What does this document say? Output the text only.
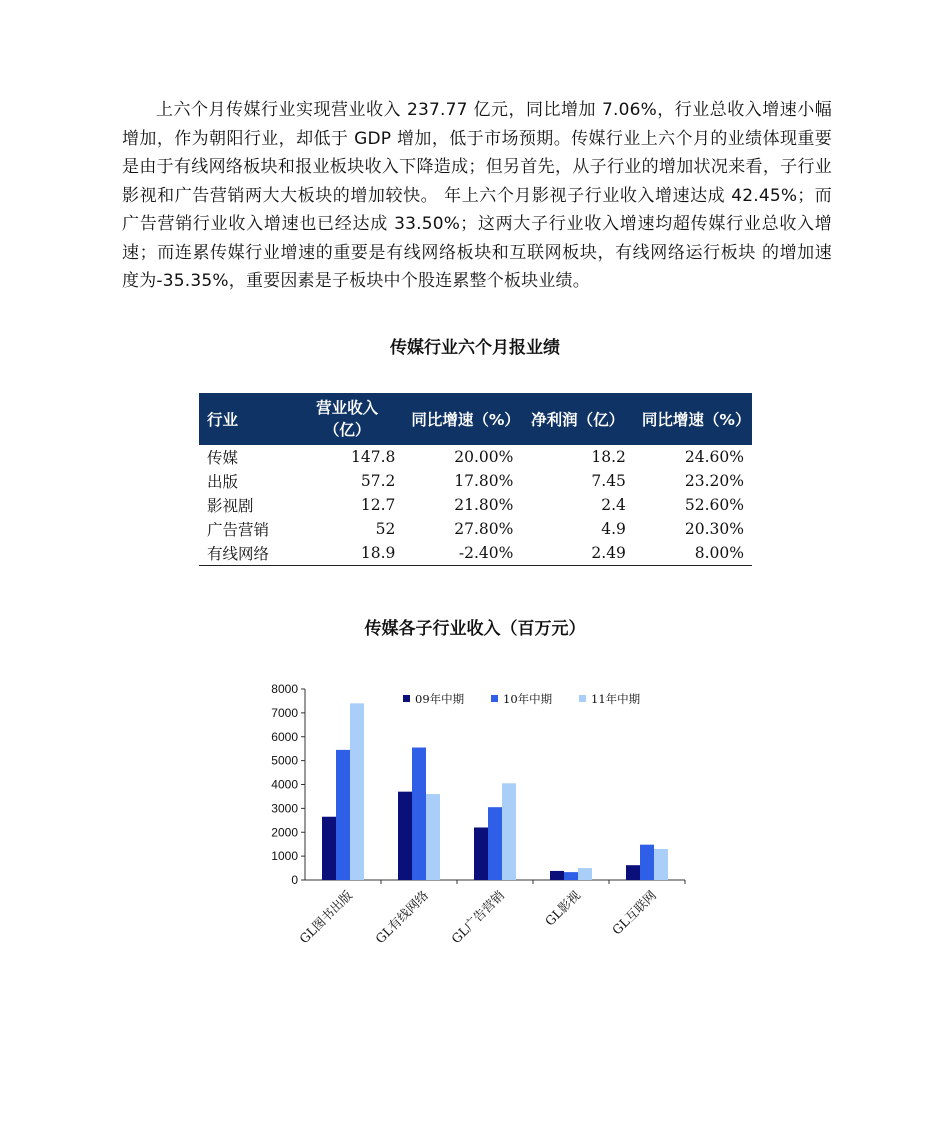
上六个月传媒行业实现营业收入 237.77 亿元，同比增加 7.06%，行业总收入增速小幅增加，作为朝阳行业，却低于 GDP 增加，低于市场预期。传媒行业上六个月的业绩体现重要是由于有线网络板块和报业板块收入下降造成；但另首先，从子行业的增加状况来看，子行业影视和广告营销两大大板块的增加较快。 年上六个月影视子行业收入增速达成 42.45%；而广告营销行业收入增速也已经达成 33.50%；这两大子行业收入增速均超传媒行业总收入增速；而连累传媒行业增速的重要是有线网络板块和互联网板块，有线网络运行板块 的增加速度为-35.35%，重要因素是子板块中个股连累整个板块业绩。

传媒行业六个月报业绩
行业	营业收入（亿）	同比增速（%）	净利润（亿）	同比增速（%）
传媒	147.8	20.00%	18.2	24.60%
出版	57.2	17.80%	7.45	23.20%
影视剧	12.7	21.80%	2.4	52.60%
广告营销	52	27.80%	4.9	20.30%
有线网络	18.9	-2.40%	2.49	8.00%
传媒各子行业收入（百万元）
0
1000
2000
3000
4000
5000
6000
7000
8000
GL图书出版 GL有线网络 GL广告营销	GL影视 GL互联网
09年中期	10年中期	11年中期
